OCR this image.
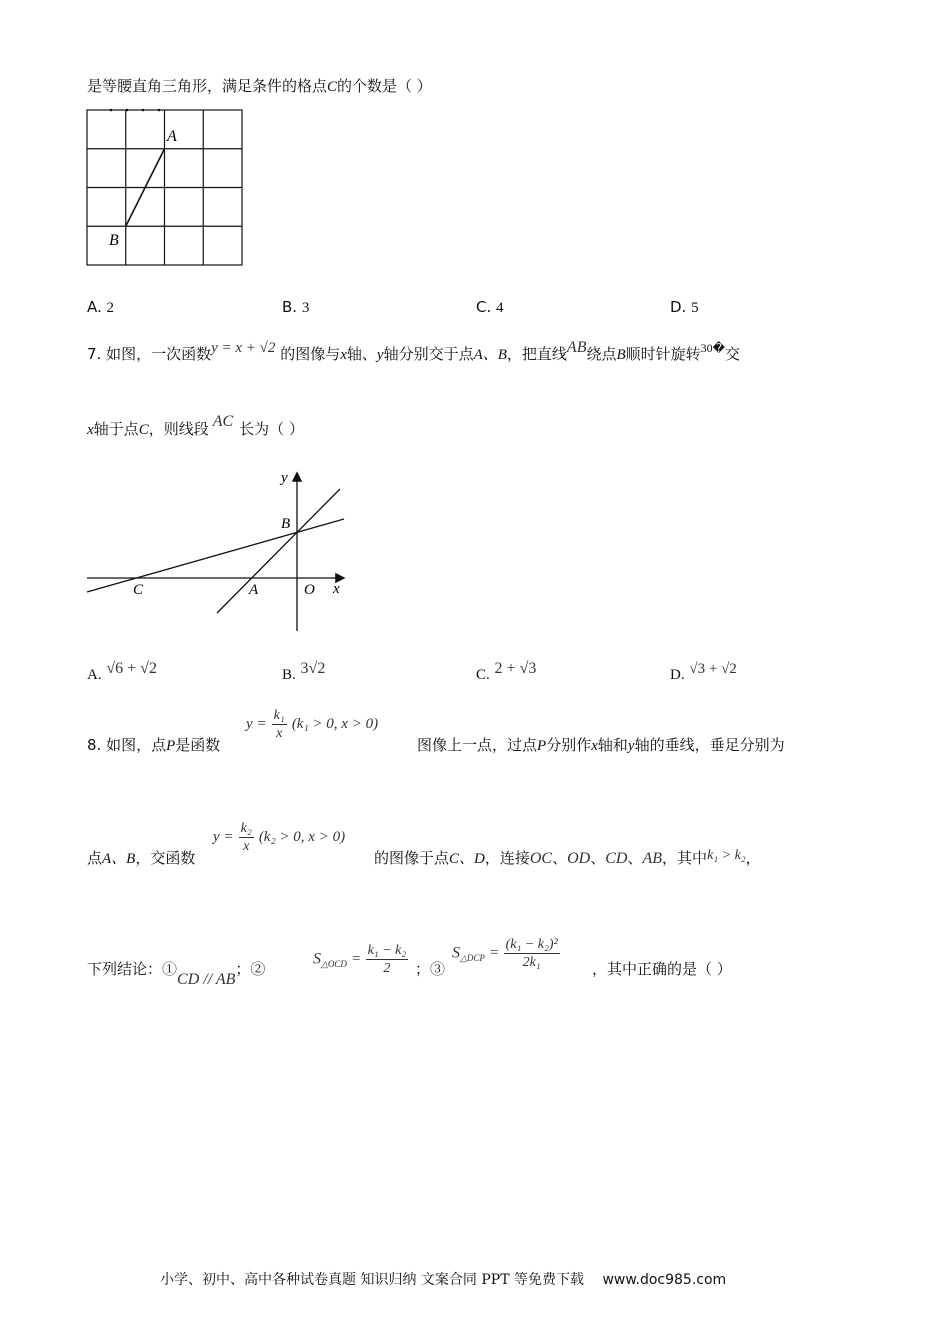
是等腰直角三角形，满足条件的格点C的个数是（ ）
A
B
A. 2	B. 3	C. 4	D. 5
7. 如图，一次函数y = x + √2 的图像与x轴、y轴分别交于点A、B，把直线AB绕点B顺时针旋转$^{30�}$交
x轴于点C，则线段 AC 长为（ ）
y
x
B
C	A	O
A. √6 + √2	B. 3√2	C. 2 + √3	D. √3 + √2
8. 如图，点P是函数
$y = \frac{\text{k₁}}{x} (k_1 > 0$, x > 0)
图像上一点，过点P分别作x轴和y轴的垂线，垂足分别为
点A、B，交函数
$y = \frac{\text{k₂}}{x} (k_2 > 0$, x > 0)
的图像于点C、D，连接OC、OD、CD、AB，其中k₁ > k₂，
下列结论：①CD // AB；②
$S_{\triangle OCD} = \frac{\text{k₁ − k₂}}{2}$ ；③
$S_{\triangle DCP} = \frac{\text{(k₁ − k₂)²}}{\text{2k₁}}$ ，其中正确的是（ ）
小学、初中、高中各种试卷真题 知识归纳 文案合同 PPT 等免费下载 www.doc985.com
